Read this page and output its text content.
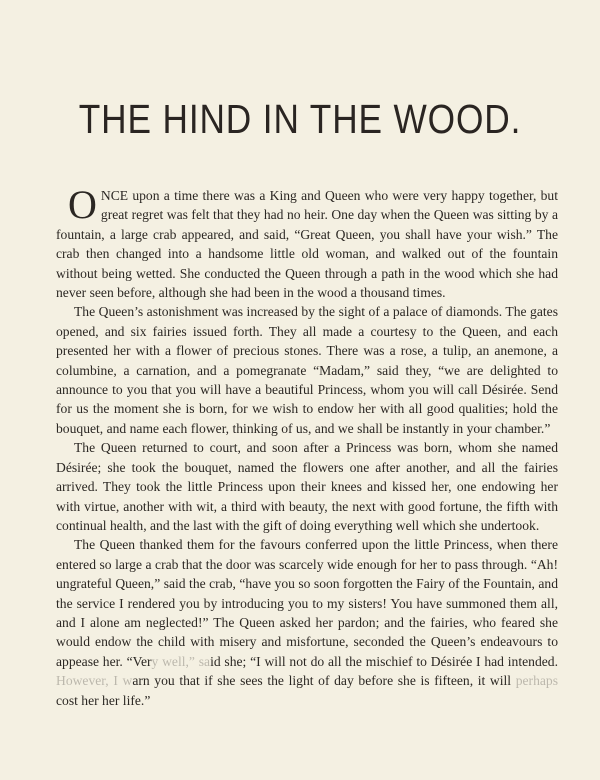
THE HIND IN THE WOOD.

ONCE upon a time there was a King and Queen who were very happy together, but great regret was felt that they had no heir. One day when the Queen was sitting by a fountain, a large crab appeared, and said, “Great Queen, you shall have your wish.” The crab then changed into a handsome little old woman, and walked out of the fountain without being wetted. She conducted the Queen through a path in the wood which she had never seen before, although she had been in the wood a thousand times.

The Queen’s astonishment was increased by the sight of a palace of diamonds. The gates opened, and six fairies issued forth. They all made a courtesy to the Queen, and each presented her with a flower of precious stones. There was a rose, a tulip, an anemone, a columbine, a carnation, and a pomegranate “Madam,” said they, “we are delighted to announce to you that you will have a beautiful Princess, whom you will call Désirée. Send for us the moment she is born, for we wish to endow her with all good qualities; hold the bouquet, and name each flower, thinking of us, and we shall be instantly in your chamber.”

The Queen returned to court, and soon after a Princess was born, whom she named Désirée; she took the bouquet, named the flowers one after another, and all the fairies arrived. They took the little Princess upon their knees and kissed her, one endowing her with virtue, another with wit, a third with beauty, the next with good fortune, the fifth with continual health, and the last with the gift of doing everything well which she undertook.

The Queen thanked them for the favours conferred upon the little Princess, when there entered so large a crab that the door was scarcely wide enough for her to pass through. “Ah! ungrateful Queen,” said the crab, “have you so soon forgotten the Fairy of the Fountain, and the service I rendered you by introducing you to my sisters! You have summoned them all, and I alone am neglected!” The Queen asked her pardon; and the fairies, who feared she would endow the child with misery and misfortune, seconded the Queen’s endeavours to appease her. “Very well,” said she; “I will not do all the mischief to Désirée I had intended. However, I warn you that if she sees the light of day before she is fifteen, it will perhaps cost her her life.”
